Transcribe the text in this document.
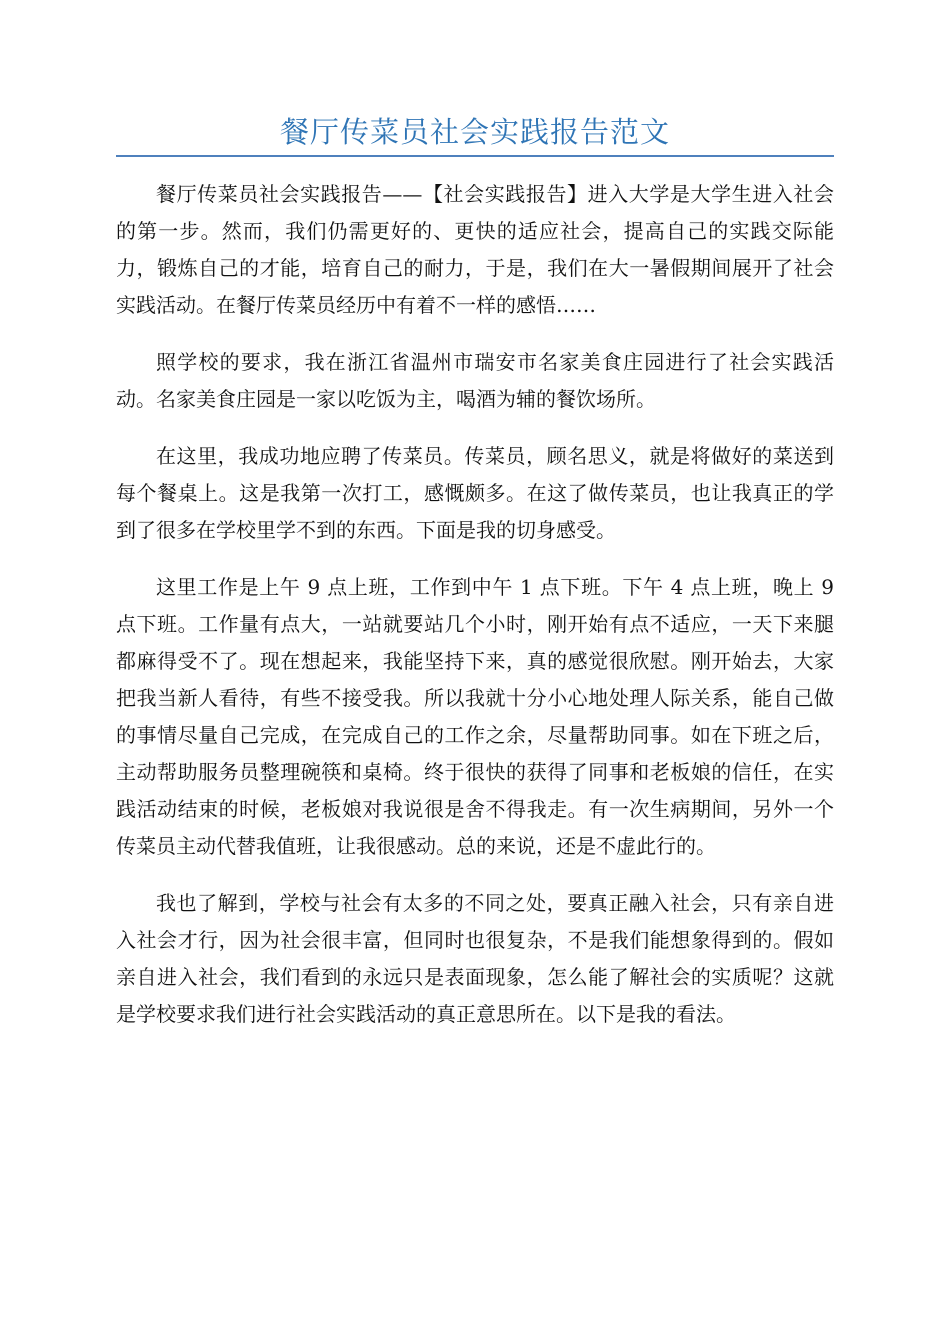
餐厅传菜员社会实践报告范文

餐厅传菜员社会实践报告——【社会实践报告】进入大学是大学生进入社会的第一步。然而，我们仍需更好的、更快的适应社会，提高自己的实践交际能力，锻炼自己的才能，培育自己的耐力，于是，我们在大一暑假期间展开了社会实践活动。在餐厅传菜员经历中有着不一样的感悟……

照学校的要求，我在浙江省温州市瑞安市名家美食庄园进行了社会实践活动。名家美食庄园是一家以吃饭为主，喝酒为辅的餐饮场所。

在这里，我成功地应聘了传菜员。传菜员，顾名思义，就是将做好的菜送到每个餐桌上。这是我第一次打工，感慨颇多。在这了做传菜员，也让我真正的学到了很多在学校里学不到的东西。下面是我的切身感受。

这里工作是上午 9 点上班，工作到中午 1 点下班。下午 4 点上班，晚上 9 点下班。工作量有点大，一站就要站几个小时，刚开始有点不适应，一天下来腿都麻得受不了。现在想起来，我能坚持下来，真的感觉很欣慰。刚开始去，大家把我当新人看待，有些不接受我。所以我就十分小心地处理人际关系，能自己做的事情尽量自己完成，在完成自己的工作之余，尽量帮助同事。如在下班之后，主动帮助服务员整理碗筷和桌椅。终于很快的获得了同事和老板娘的信任，在实践活动结束的时候，老板娘对我说很是舍不得我走。有一次生病期间，另外一个传菜员主动代替我值班，让我很感动。总的来说，还是不虚此行的。

我也了解到，学校与社会有太多的不同之处，要真正融入社会，只有亲自进入社会才行，因为社会很丰富，但同时也很复杂，不是我们能想象得到的。假如亲自进入社会，我们看到的永远只是表面现象，怎么能了解社会的实质呢？这就是学校要求我们进行社会实践活动的真正意思所在。以下是我的看法。
